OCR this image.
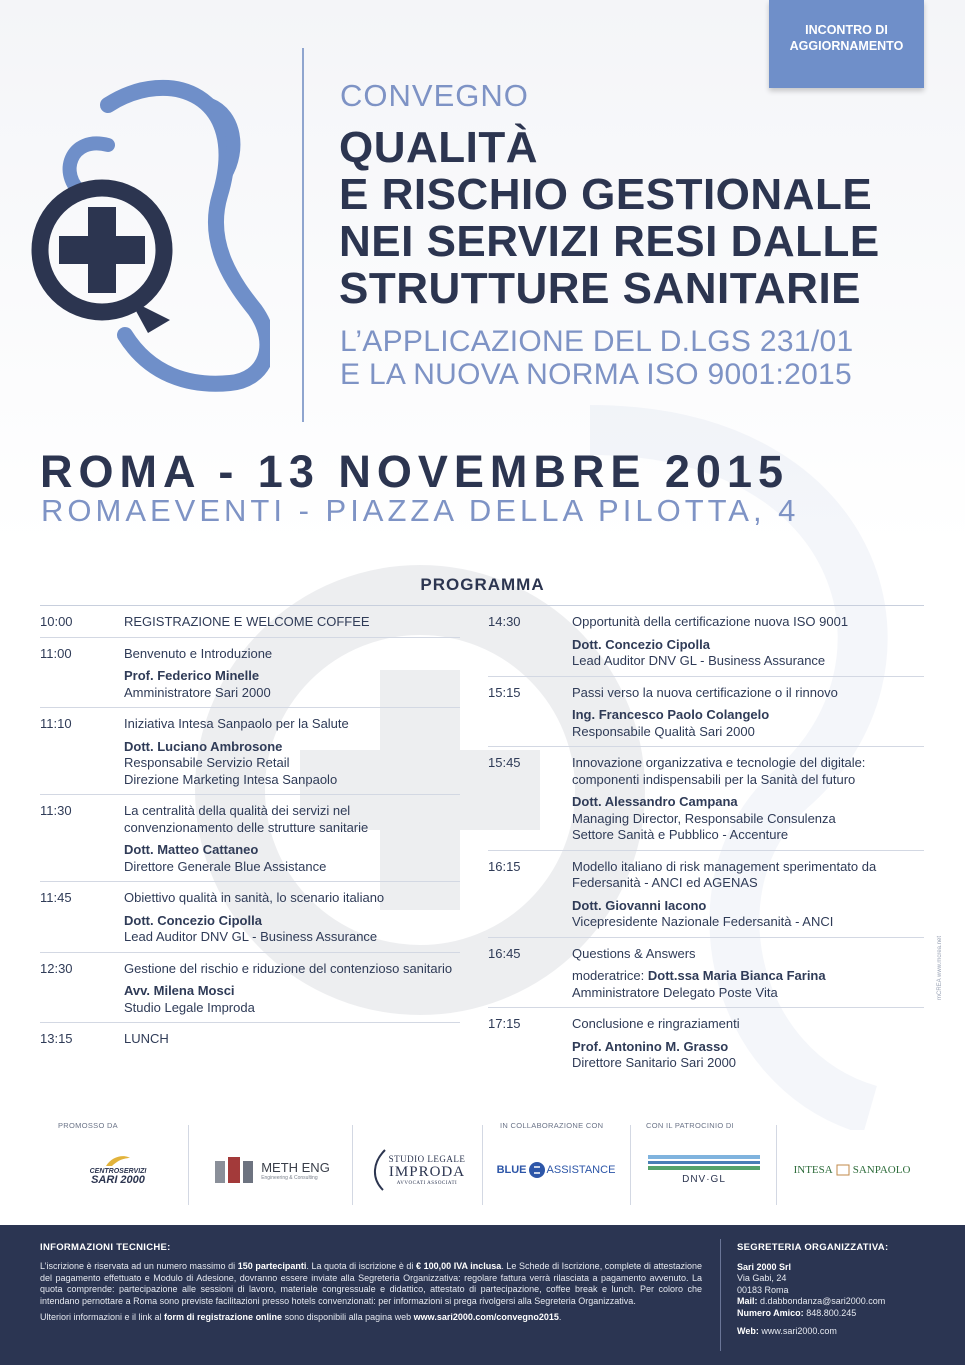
INCONTRO DI
AGGIORNAMENTO
CONVEGNO
QUALITÀ
E RISCHIO GESTIONALE
NEI SERVIZI RESI DALLE
STRUTTURE SANITARIE
L’APPLICAZIONE DEL D.LGS 231/01
E LA NUOVA NORMA ISO 9001:2015
ROMA - 13 NOVEMBRE 2015
ROMAEVENTI - PIAZZA DELLA PILOTTA, 4
PROGRAMMA
10:00	REGISTRAZIONE E WELCOME COFFEE
11:00	Benvenuto e Introduzione
Prof. Federico Minelle
Amministratore Sari 2000
11:10	Iniziativa Intesa Sanpaolo per la Salute
Dott. Luciano Ambrosone
Responsabile Servizio Retail
Direzione Marketing Intesa Sanpaolo
11:30	La centralità della qualità dei servizi nel convenzionamento delle strutture sanitarie
Dott. Matteo Cattaneo
Direttore Generale Blue Assistance
11:45	Obiettivo qualità in sanità, lo scenario italiano
Dott. Concezio Cipolla
Lead Auditor DNV GL - Business Assurance
12:30	Gestione del rischio e riduzione del contenzioso sanitario
Avv. Milena Mosci
Studio Legale Improda
13:15	LUNCH
14:30	Opportunità della certificazione nuova ISO 9001
Dott. Concezio Cipolla
Lead Auditor DNV GL - Business Assurance
15:15	Passi verso la nuova certificazione o il rinnovo
Ing. Francesco Paolo Colangelo
Responsabile Qualità Sari 2000
15:45	Innovazione organizzativa e tecnologie del digitale: componenti indispensabili per la Sanità del futuro
Dott. Alessandro Campana
Managing Director, Responsabile Consulenza
Settore Sanità e Pubblico - Accenture
16:15	Modello italiano di risk management sperimentato da Federsanità - ANCI ed AGENAS
Dott. Giovanni Iacono
Vicepresidente Nazionale Federsanità - ANCI
16:45	Questions & Answers
moderatrice: Dott.ssa Maria Bianca Farina
Amministratore Delegato Poste Vita
17:15	Conclusione e ringraziamenti
Prof. Antonino M. Grasso
Direttore Sanitario Sari 2000
mCREA www.mcrea.net
PROMOSSO DA	IN COLLABORAZIONE CON	CON IL PATROCINIO DI
CENTROSERVIZI
SARI 2000
METH ENG
Engineering & Consulting
STUDIO LEGALE
IMPRODA
AVVOCATI ASSOCIATI
BLUE ASSISTANCE
DNV·GL
INTESA SANPAOLO
INFORMAZIONI TECNICHE:
L’iscrizione è riservata ad un numero massimo di 150 partecipanti. La quota di iscrizione è di € 100,00 IVA inclusa. Le Schede di Iscrizione, complete di attestazione del pagamento effettuato e Modulo di Adesione, dovranno essere inviate alla Segreteria Organizzativa: regolare fattura verrà rilasciata a pagamento avvenuto. La quota comprende: partecipazione alle sessioni di lavoro, materiale congressuale e didattico, attestato di partecipazione, coffee break e lunch. Per coloro che intendano pernottare a Roma sono previste facilitazioni presso hotels convenzionati: per informazioni si prega rivolgersi alla Segreteria Organizzativa.
Ulteriori informazioni e il link al form di registrazione online sono disponibili alla pagina web www.sari2000.com/convegno2015.
SEGRETERIA ORGANIZZATIVA:
Sari 2000 Srl
Via Gabi, 24
00183 Roma
Mail: d.dabbondanza@sari2000.com
Numero Amico: 848.800.245
Web: www.sari2000.com
